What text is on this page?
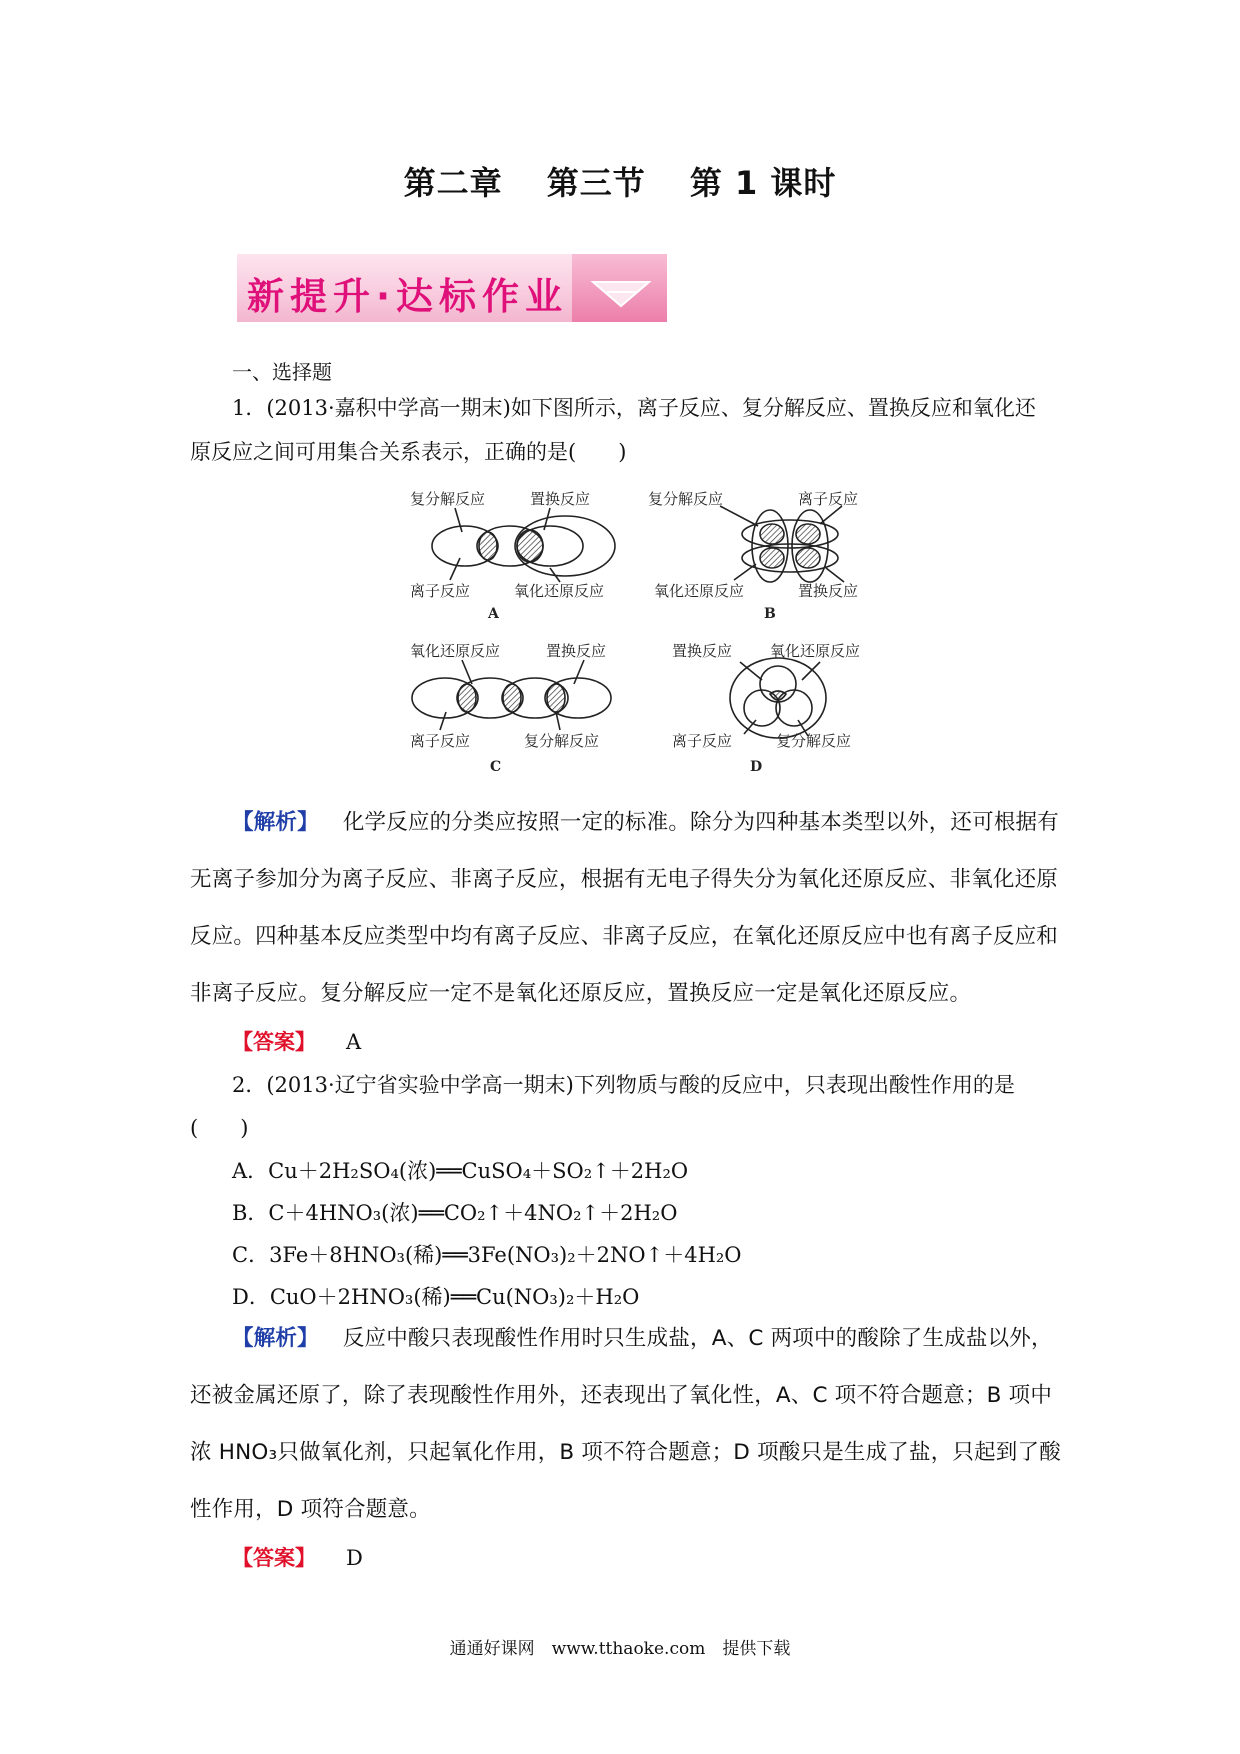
第二章 第三节 第 1 课时
新提升·达标作业
一、选择题
1．(2013·嘉积中学高一期末)如下图所示，离子反应、复分解反应、置换反应和氧化还
原反应之间可用集合关系表示，正确的是(　　)
复分解反应	置换反应
离子反应	氧化还原反应
A
复分解反应	离子反应
氧化还原反应	置换反应
B
氧化还原反应	置换反应
离子反应	复分解反应
C
置换反应	氧化还原反应
离子反应	复分解反应
D
【解析】 化学反应的分类应按照一定的标准。除分为四种基本类型以外，还可根据有
无离子参加分为离子反应、非离子反应，根据有无电子得失分为氧化还原反应、非氧化还原
反应。四种基本反应类型中均有离子反应、非离子反应，在氧化还原反应中也有离子反应和
非离子反应。复分解反应一定不是氧化还原反应，置换反应一定是氧化还原反应。
【答案】 A
2．(2013·辽宁省实验中学高一期末)下列物质与酸的反应中，只表现出酸性作用的是
(　　)
A．Cu＋2H₂SO₄(浓)══CuSO₄＋SO₂↑＋2H₂O
B．C＋4HNO₃(浓)══CO₂↑＋4NO₂↑＋2H₂O
C．3Fe＋8HNO₃(稀)══3Fe(NO₃)₂＋2NO↑＋4H₂O
D．CuO＋2HNO₃(稀)══Cu(NO₃)₂＋H₂O
【解析】 反应中酸只表现酸性作用时只生成盐，A、C 两项中的酸除了生成盐以外，
还被金属还原了，除了表现酸性作用外，还表现出了氧化性，A、C 项不符合题意；B 项中
浓 HNO₃只做氧化剂，只起氧化作用，B 项不符合题意；D 项酸只是生成了盐，只起到了酸
性作用，D 项符合题意。
【答案】 D
通通好课网　www.tthaoke.com　提供下载
